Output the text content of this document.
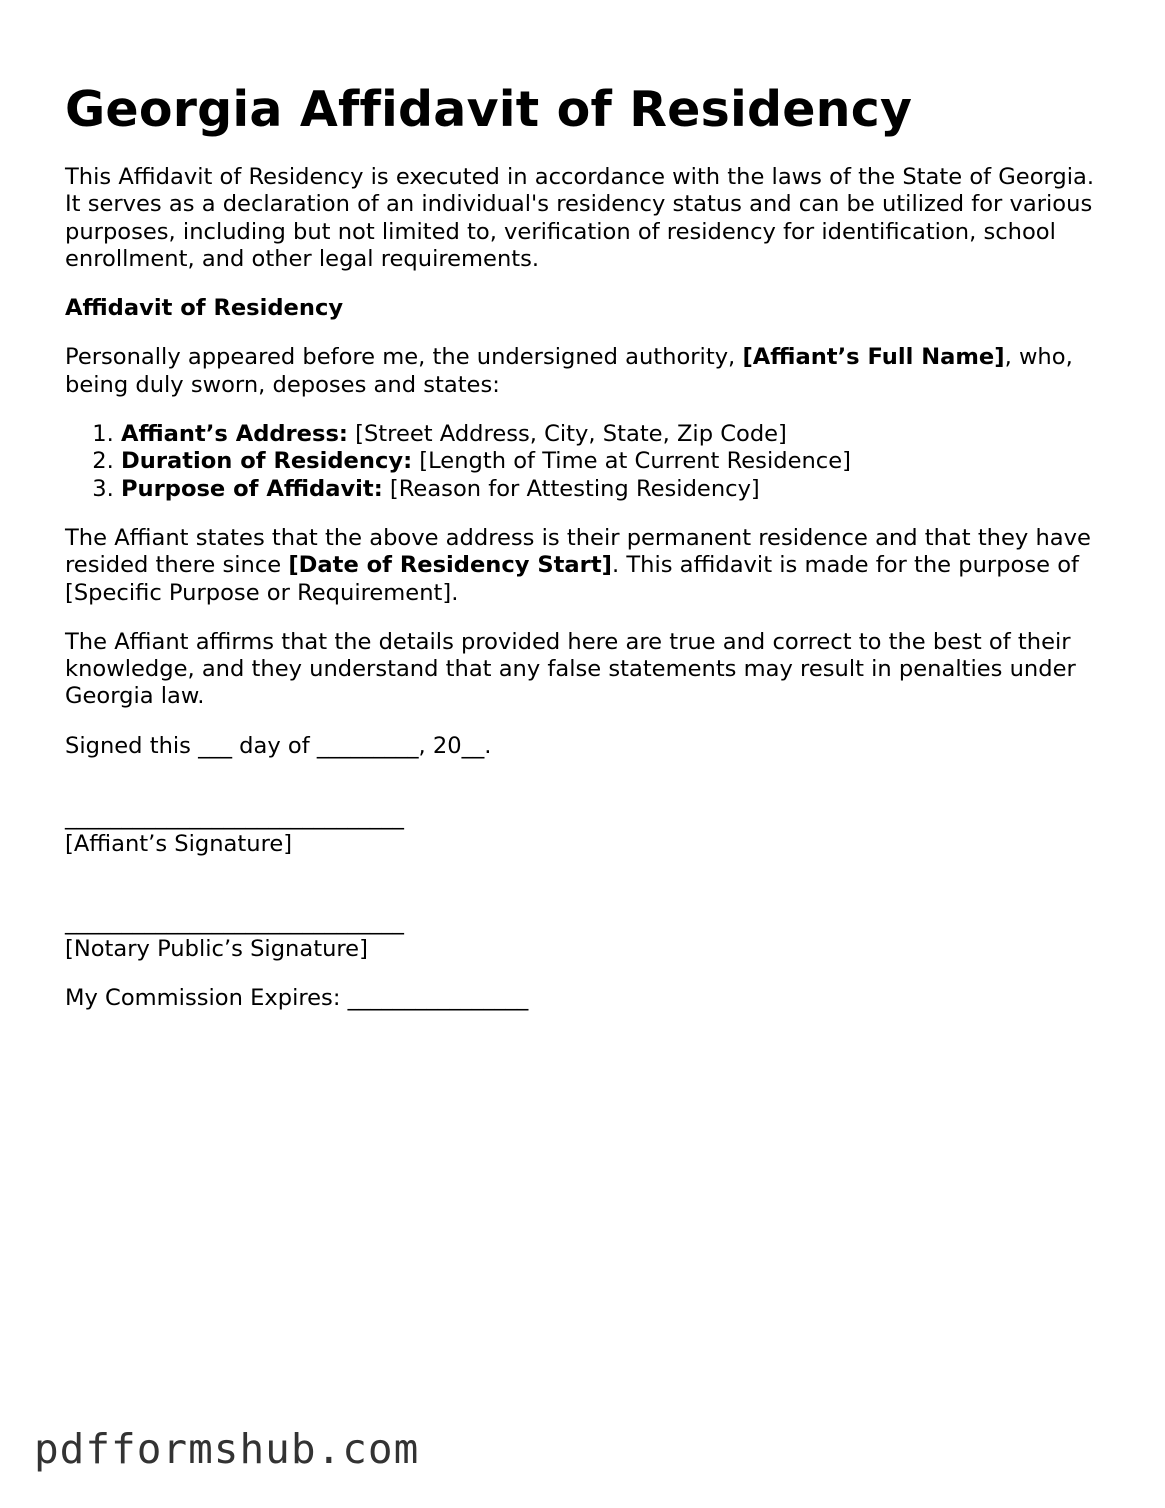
Georgia Affidavit of Residency

This Affidavit of Residency is executed in accordance with the laws of the State of Georgia. It serves as a declaration of an individual's residency status and can be utilized for various purposes, including but not limited to, verification of residency for identification, school enrollment, and other legal requirements.

Affidavit of Residency

Personally appeared before me, the undersigned authority, [Affiant’s Full Name], who, being duly sworn, deposes and states:

1. Affiant’s Address: [Street Address, City, State, Zip Code]
2. Duration of Residency: [Length of Time at Current Residence]
3. Purpose of Affidavit: [Reason for Attesting Residency]

The Affiant states that the above address is their permanent residence and that they have resided there since [Date of Residency Start]. This affidavit is made for the purpose of [Specific Purpose or Requirement].

The Affiant affirms that the details provided here are true and correct to the best of their knowledge, and they understand that any false statements may result in penalties under Georgia law.

Signed this ___ day of _________, 20__.

______________________________
[Affiant’s Signature]
______________________________
[Notary Public’s Signature]
My Commission Expires: ________________
pdfformshub.com
